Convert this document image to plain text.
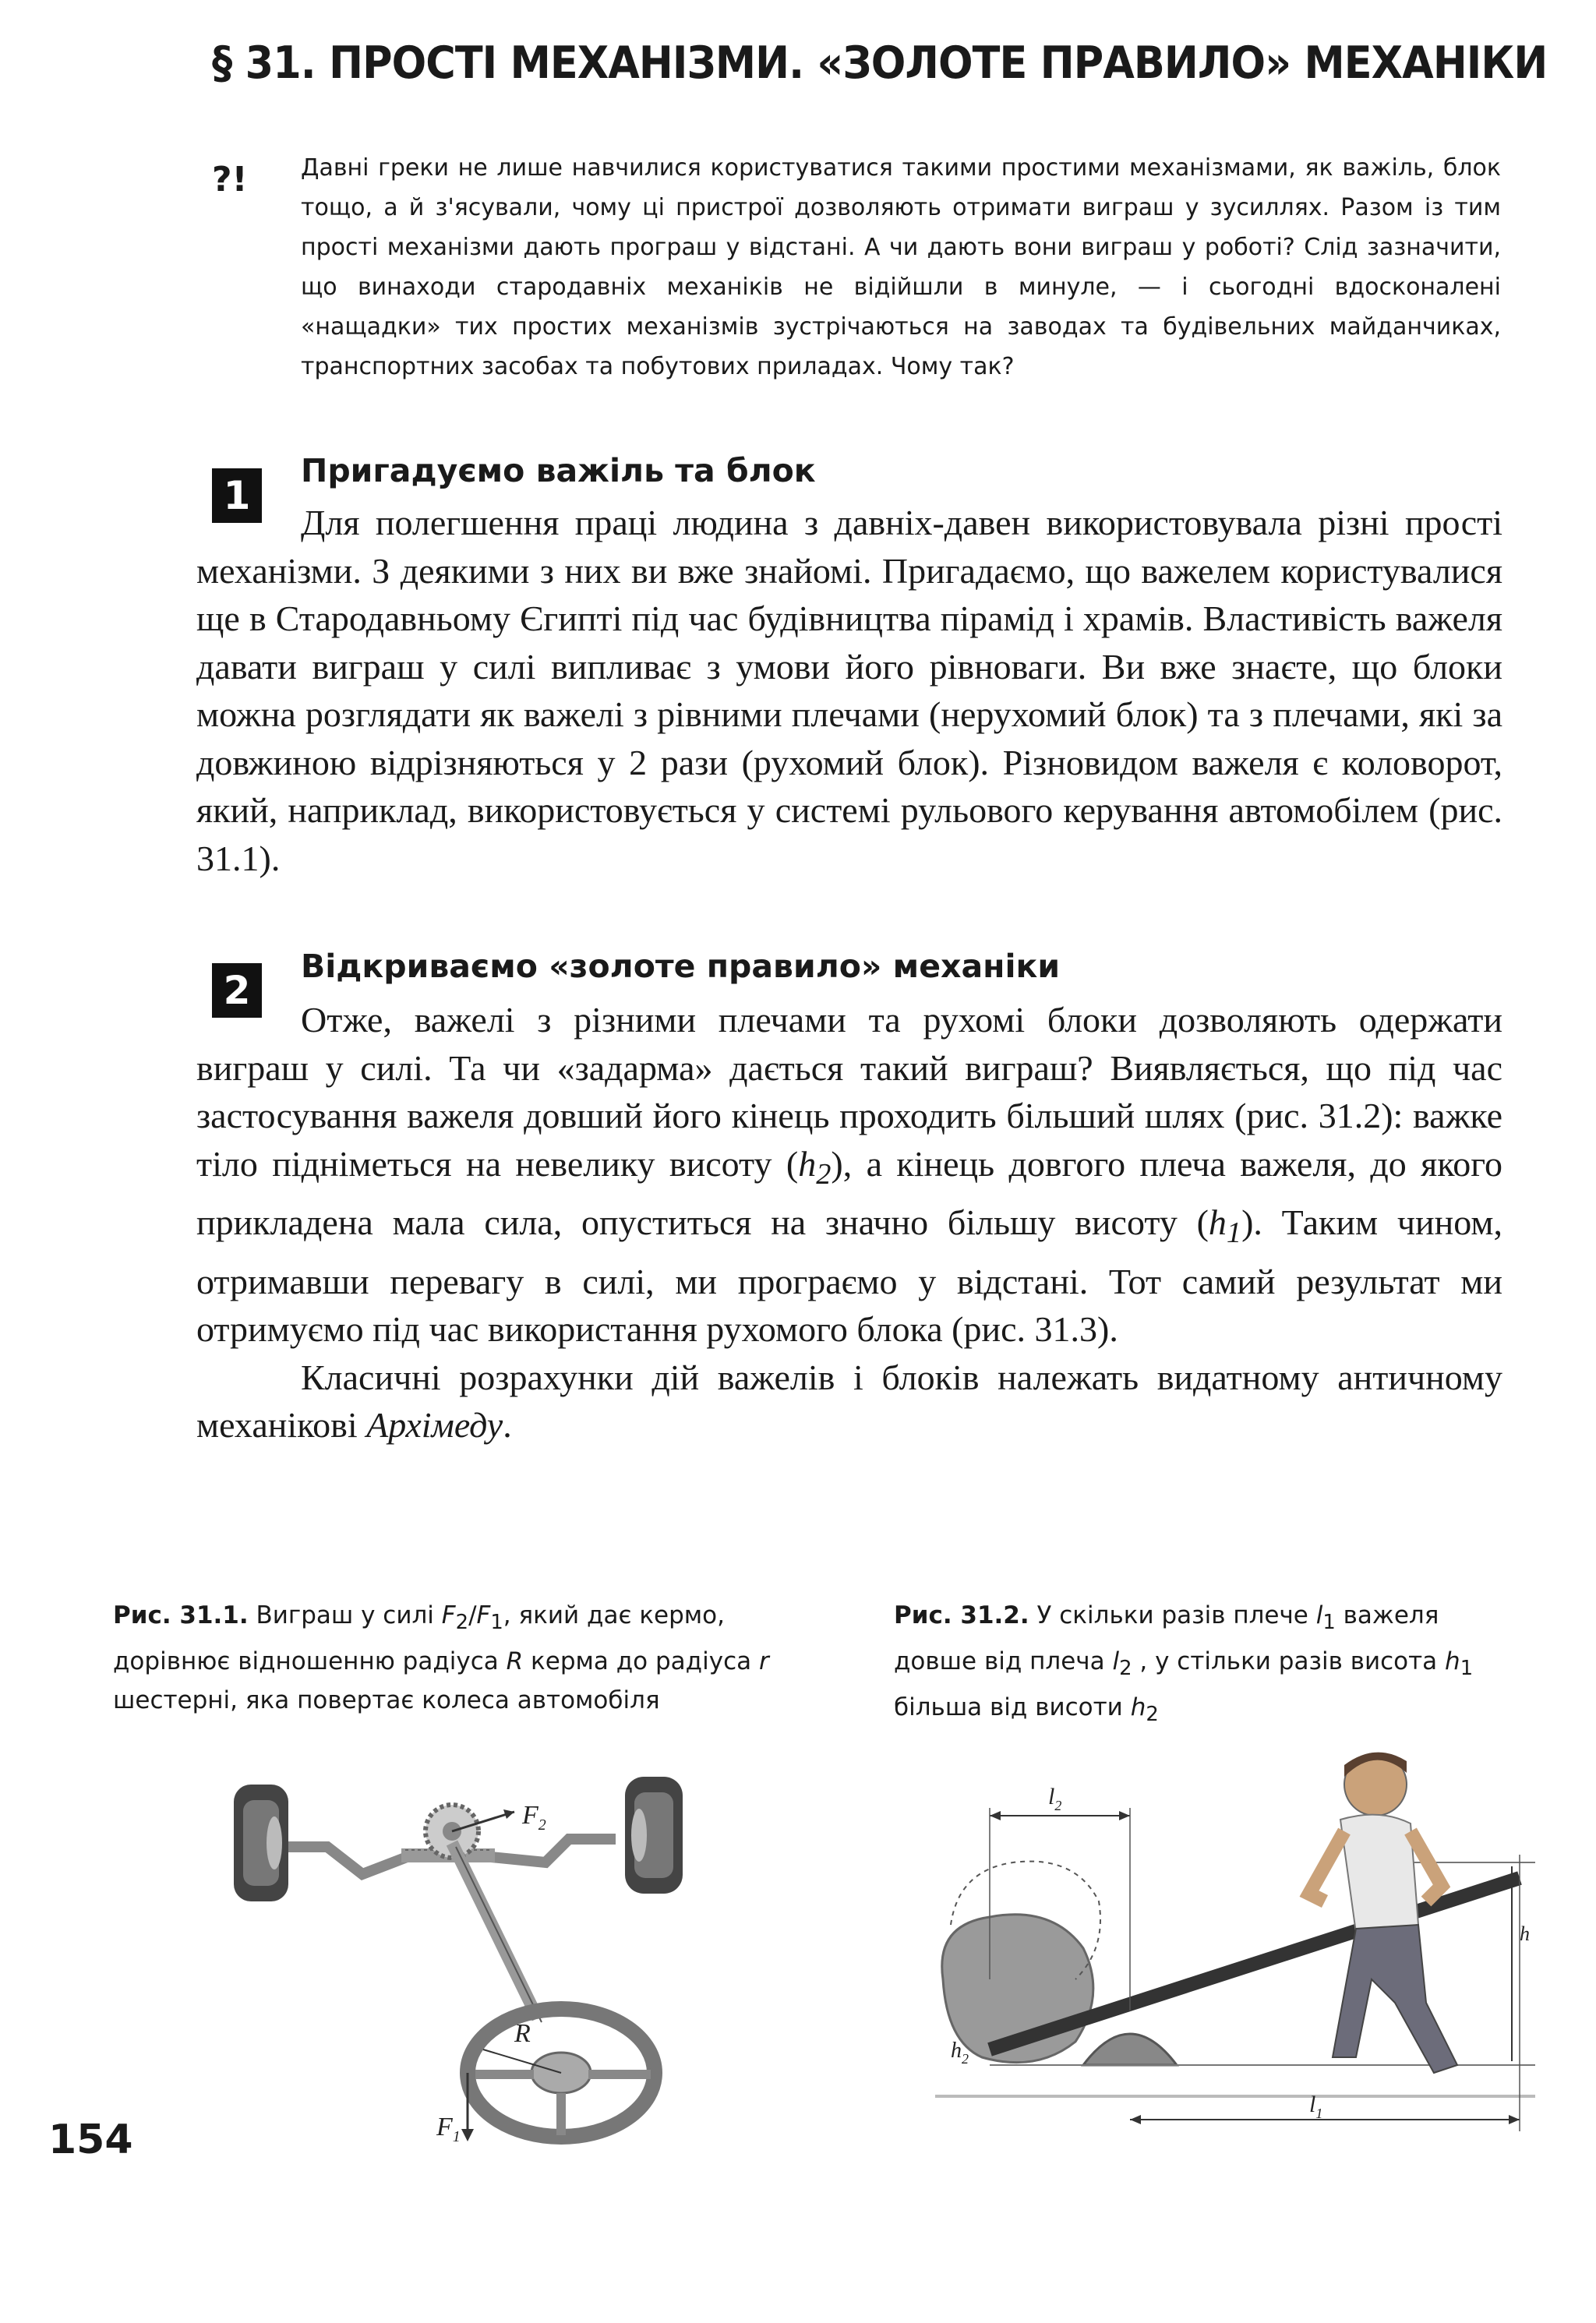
§ 31. ПРОСТІ МЕХАНІЗМИ. «ЗОЛОТЕ ПРАВИЛО» МЕХАНІКИ
?! Давні греки не лише навчилися користуватися такими простими механізмами, як важіль, блок тощо, а й з'ясували, чому ці пристрої дозволяють отримати виграш у зусиллях. Разом із тим прості механізми дають програш у відстані. А чи дають вони виграш у роботі? Слід зазначити, що винаходи стародавніх механіків не відійшли в минуле, — і сьогодні вдосконалені «нащадки» тих простих механізмів зустрічаються на заводах та будівельних майданчиках, транспортних засобах та побутових приладах. Чому так?
1
Пригадуємо важіль та блок
Для полегшення праці людина з давніх-давен використовувала різні прості механізми. З деякими з них ви вже знайомі. Пригадаємо, що важелем користувалися ще в Стародавньому Єгипті під час будівництва пірамід і храмів. Властивість важеля давати виграш у силі випливає з умови його рівноваги. Ви вже знаєте, що блоки можна розглядати як важелі з рівними плечами (нерухомий блок) та з плечами, які за довжиною відрізняються у 2 рази (рухомий блок). Різновидом важеля є коловорот, який, наприклад, використовується у системі рульового керування автомобілем (рис. 31.1).
2
Відкриваємо «золоте правило» механіки

Отже, важелі з різними плечами та рухомі блоки дозволяють одержати виграш у силі. Та чи «задарма» дається такий виграш? Виявляється, що під час застосування важеля довший його кінець проходить більший шлях (рис. 31.2): важке тіло підніметься на невелику висоту $(h_2)$, а кінець довгого плеча важеля, до якого прикладена мала сила, опуститься на значно більшу висоту $(h_1)$. Таким чином, отримавши перевагу в силі, ми програємо у відстані. Тот самий результат ми отримуємо під час використання рухомого блока (рис. 31.3).

Класичні розрахунки дій важелів і блоків належать видатному античному механікові Архімеду.

Рис. 31.1. Виграш у силі $F_2/F_1$, який дає кермо, дорівнює відношенню радіуса R керма до радіуса r шестерні, яка повертає колеса автомобіля
Рис. 31.2. У скільки разів плече $l_1$ важеля довше від плеча $l_2$ , у стільки разів висота $h_1$ більша від висоти $h_2$
$F_2$
R
$F_1$
$l_2$
$l_1$
h
$h_2$
154
